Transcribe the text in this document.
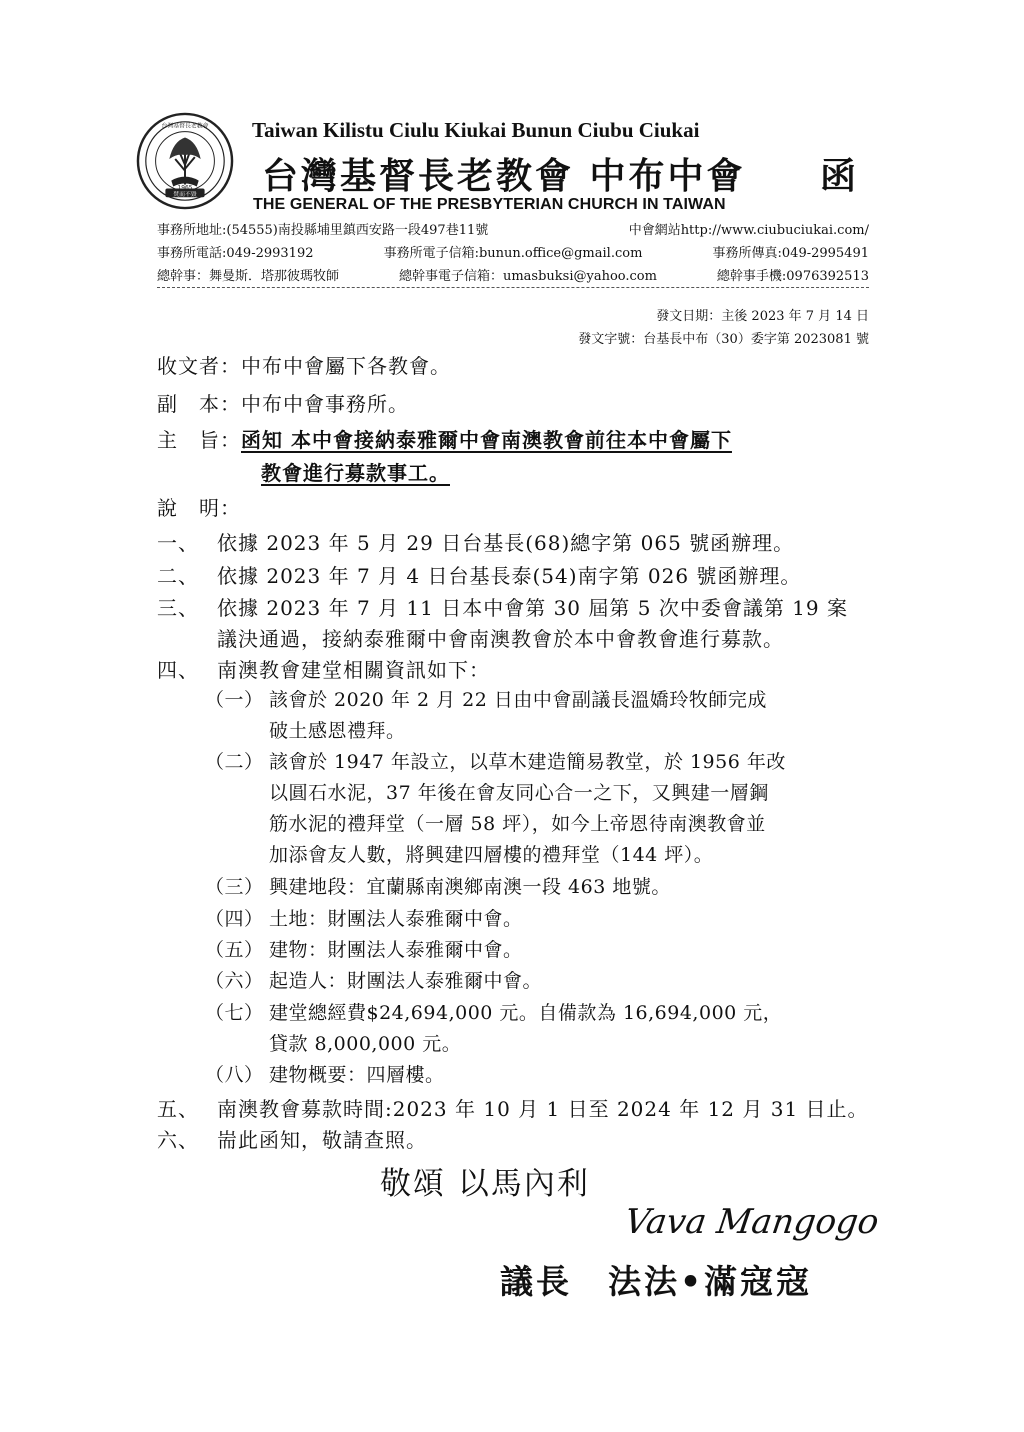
1965
焚而不毀
台灣基督長老教會 Taiwan Kilistu Ciulu Kiukai Bunun Ciubu Ciukai
台灣基督長老教會 中布中會 函
THE GENERAL OF THE PRESBYTERIAN CHURCH IN TAIWAN
事務所地址:(54555)南投縣埔里鎮西安路一段497巷11號	中會網站http://www.ciubuciukai.com/
事務所電話:049-2993192	事務所電子信箱:bunun.office@gmail.com	事務所傳真:049-2995491
總幹事：舞曼斯．塔那彼瑪牧師	總幹事電子信箱：umasbuksi@yahoo.com	總幹事手機:0976392513
發文日期：主後 2023 年 7 月 14 日
發文字號：台基長中布（30）委字第 2023081 號
收文者：中布中會屬下各教會。
副　本：中布中會事務所。
主　旨：函知 本中會接納泰雅爾中會南澳教會前往本中會屬下
教會進行募款事工。
說　明：
一、 依據 2023 年 5 月 29 日台基長(68)總字第 065 號函辦理。
二、 依據 2023 年 7 月 4 日台基長泰(54)南字第 026 號函辦理。
三、 依據 2023 年 7 月 11 日本中會第 30 屆第 5 次中委會議第 19 案
議決通過，接納泰雅爾中會南澳教會於本中會教會進行募款。
四、 南澳教會建堂相關資訊如下：
（一） 該會於 2020 年 2 月 22 日由中會副議長溫嬌玲牧師完成
破土感恩禮拜。
（二） 該會於 1947 年設立，以草木建造簡易教堂，於 1956 年改
以圓石水泥，37 年後在會友同心合一之下，又興建一層鋼
筋水泥的禮拜堂（一層 58 坪），如今上帝恩待南澳教會並
加添會友人數，將興建四層樓的禮拜堂（144 坪）。
（三） 興建地段：宜蘭縣南澳鄉南澳一段 463 地號。
（四） 土地：財團法人泰雅爾中會。
（五） 建物：財團法人泰雅爾中會。
（六） 起造人：財團法人泰雅爾中會。
（七） 建堂總經費$24,694,000 元。自備款為 16,694,000 元，
貸款 8,000,000 元。
（八） 建物概要：四層樓。
五、 南澳教會募款時間:2023 年 10 月 1 日至 2024 年 12 月 31 日止。
六、 耑此函知，敬請查照。
敬頌 以馬內利
Vava Mangogo
議長　法法•滿寇寇
